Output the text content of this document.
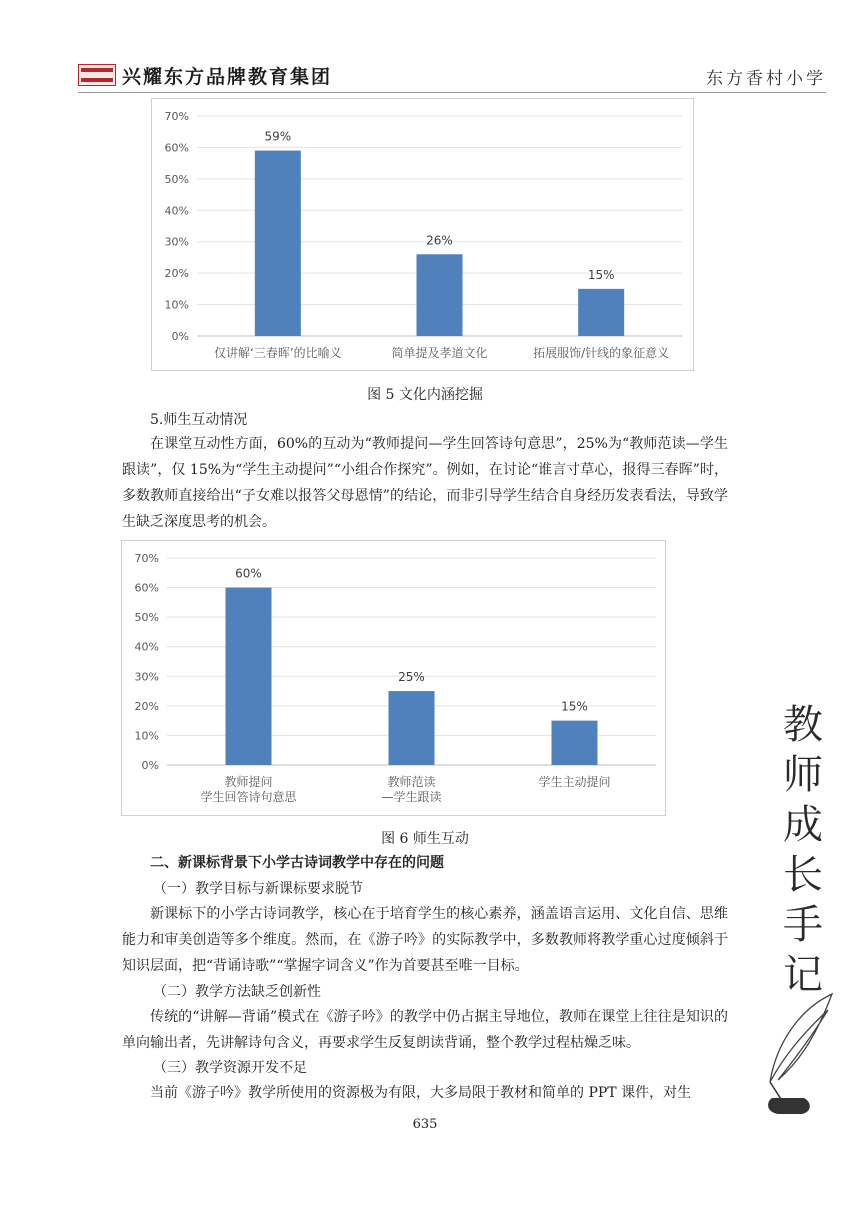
兴耀东方品牌教育集团	东方香村小学
0%
10%
20%
30%
40%
50%
60%
70%
59%
仅讲解‘三春晖’的比喻义
26%
简单提及孝道文化
15%
拓展服饰/针线的象征意义
图 5 文化内涵挖掘
5.师生互动情况

在课堂互动性方面，60%的互动为“教师提问—学生回答诗句意思”，25%为“教师范读—学生跟读”，仅 15%为“学生主动提问”“小组合作探究”。例如，在讨论“谁言寸草心，报得三春晖”时，多数教师直接给出“子女难以报答父母恩情”的结论，而非引导学生结合自身经历发表看法，导致学生缺乏深度思考的机会。

0%
10%
20%
30%
40%
50%
60%
70%
60%
教师提问
学生回答诗句意思
25%
教师范读
—学生跟读
15%
学生主动提问
图 6 师生互动
二、新课标背景下小学古诗词教学中存在的问题
（一）教学目标与新课标要求脱节

新课标下的小学古诗词教学，核心在于培育学生的核心素养，涵盖语言运用、文化自信、思维能力和审美创造等多个维度。然而，在《游子吟》的实际教学中，多数教师将教学重心过度倾斜于知识层面，把“背诵诗歌”“掌握字词含义”作为首要甚至唯一目标。

（二）教学方法缺乏创新性

传统的“讲解—背诵”模式在《游子吟》的教学中仍占据主导地位，教师在课堂上往往是知识的单向输出者，先讲解诗句含义，再要求学生反复朗读背诵，整个教学过程枯燥乏味。

（三）教学资源开发不足

当前《游子吟》教学所使用的资源极为有限，大多局限于教材和简单的 PPT 课件，对生

635
教
师
成
长
手
记
